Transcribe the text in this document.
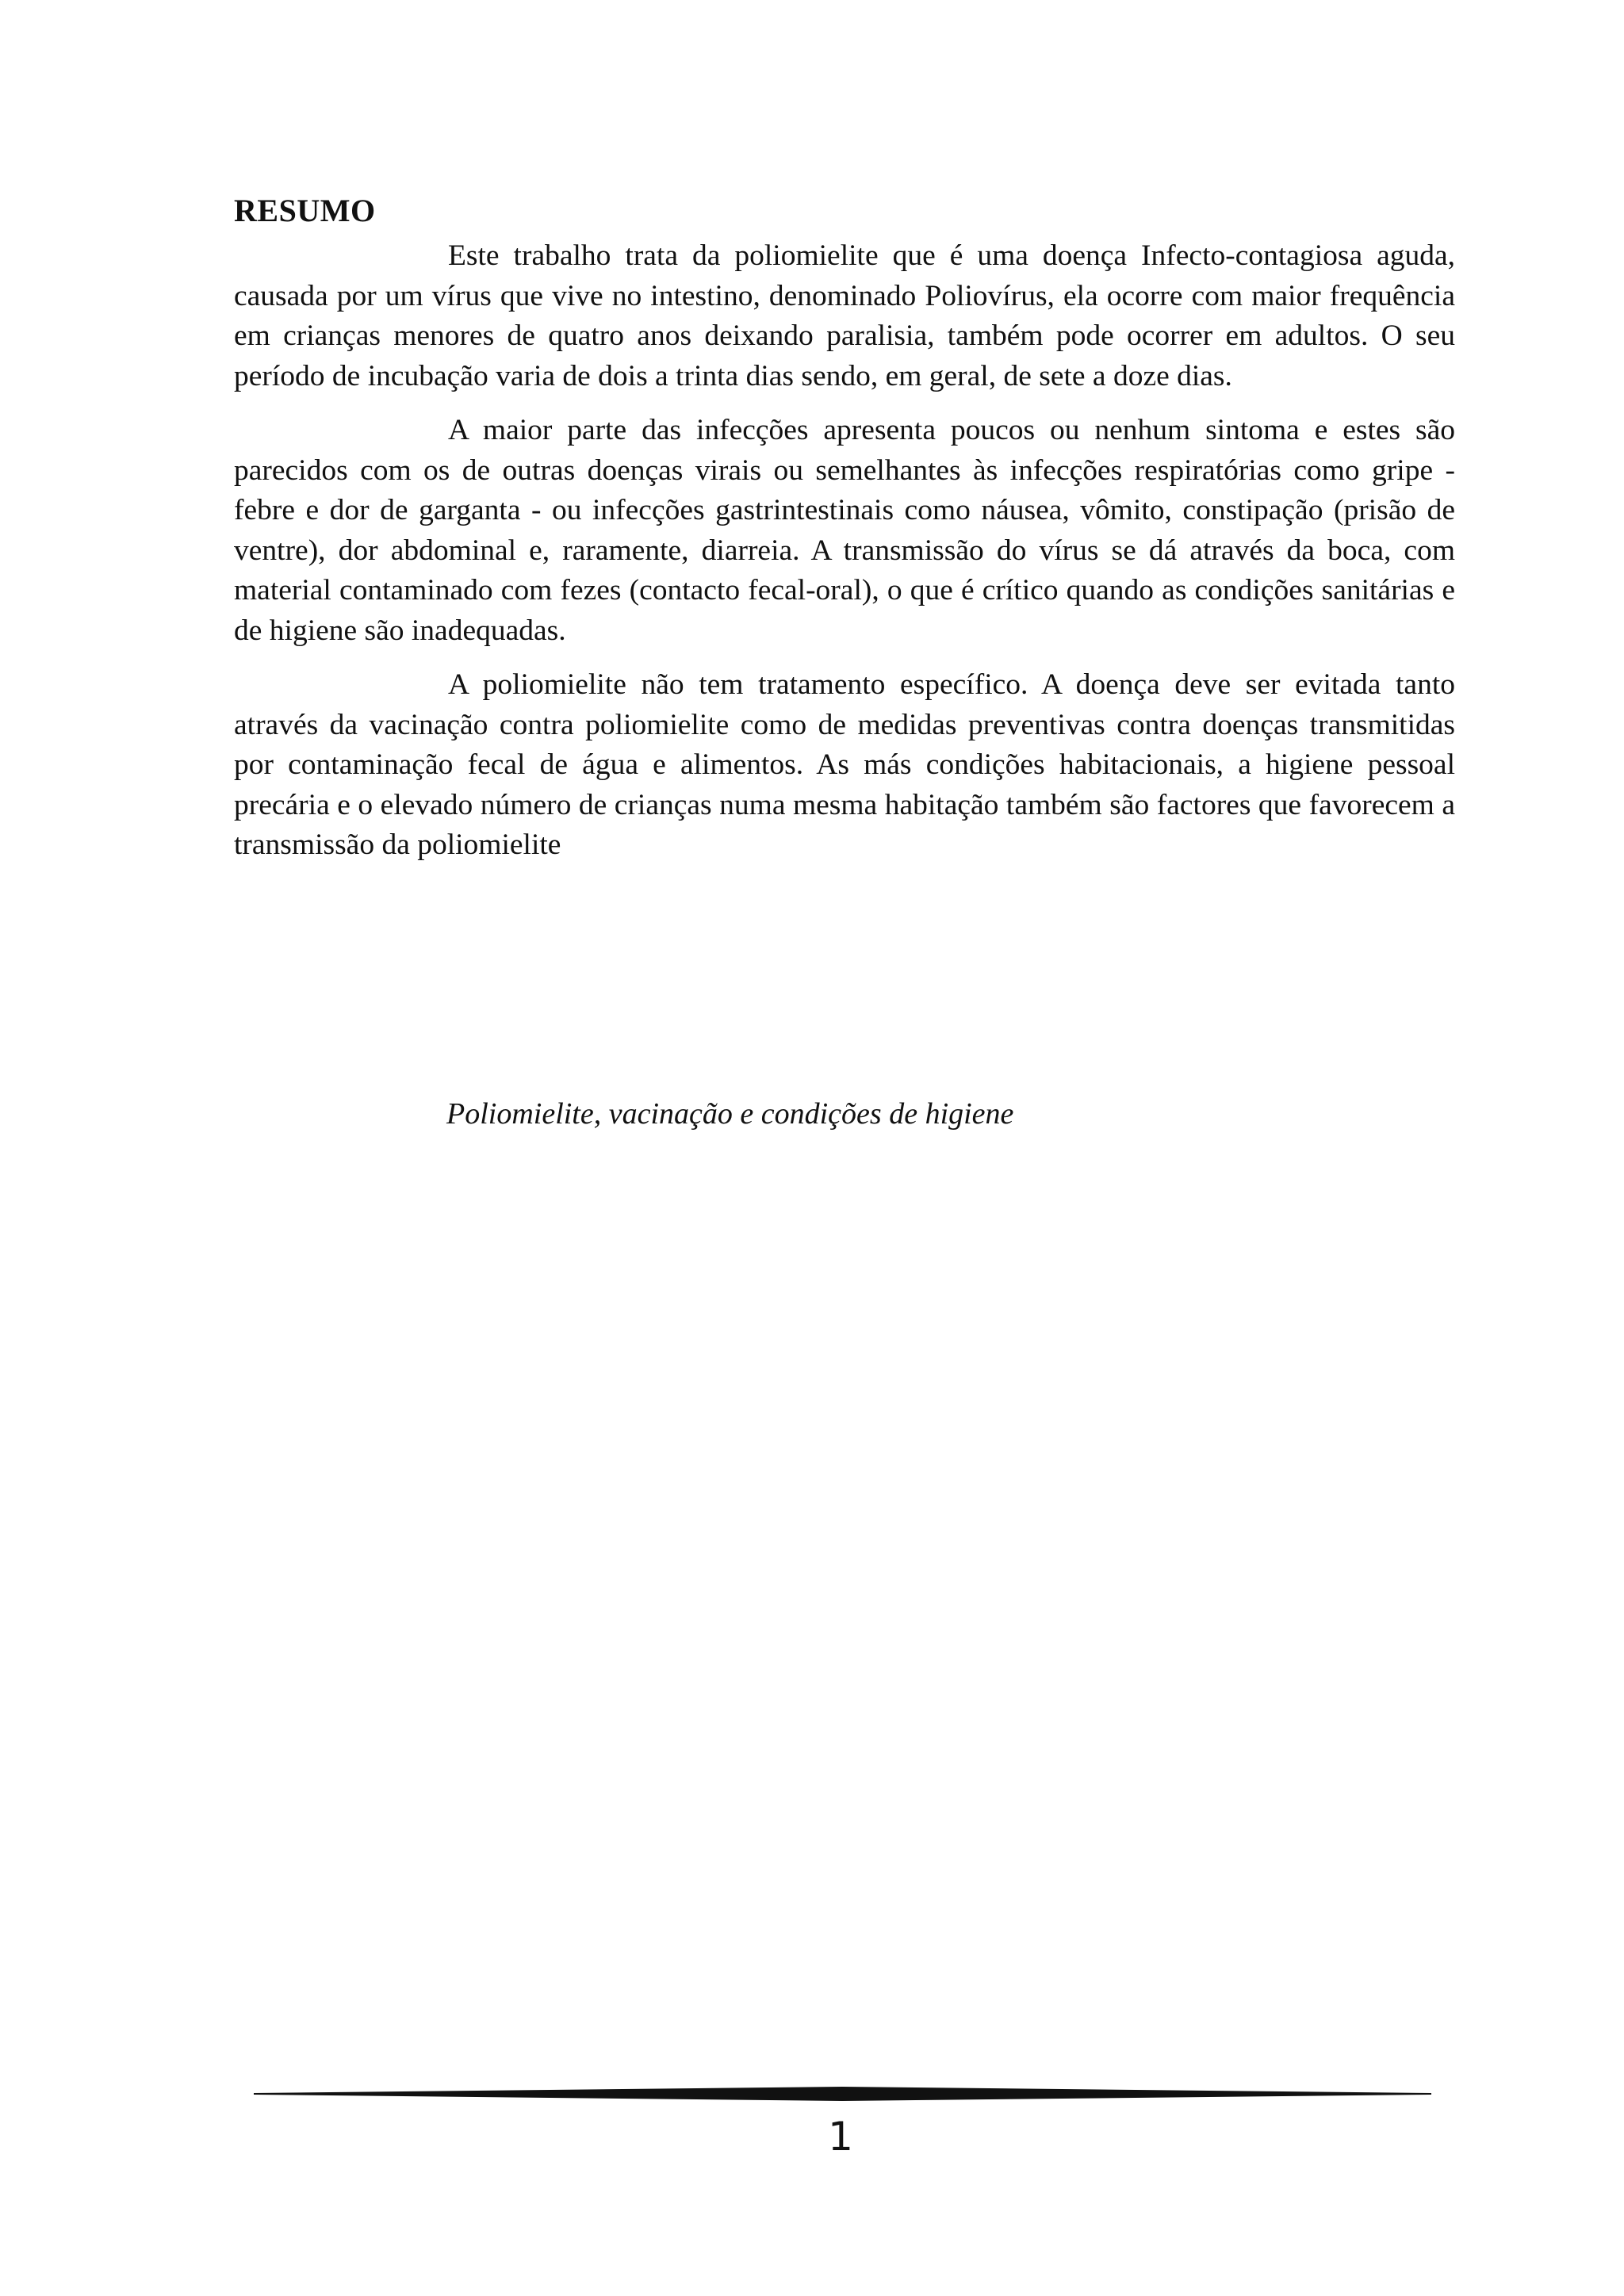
RESUMO

Este trabalho trata da poliomielite que é uma doença Infecto-contagiosa aguda, causada por um vírus que vive no intestino, denominado Poliovírus, ela ocorre com maior frequência em crianças menores de quatro anos deixando paralisia, também pode ocorrer em adultos. O seu período de incubação varia de dois a trinta dias sendo, em geral, de sete a doze dias.

A maior parte das infecções apresenta poucos ou nenhum sintoma e estes são parecidos com os de outras doenças virais ou semelhantes às infecções respiratórias como gripe - febre e dor de garganta - ou infecções gastrintestinais como náusea, vômito, constipação (prisão de ventre), dor abdominal e, raramente, diarreia. A transmissão do vírus se dá através da boca, com material contaminado com fezes (contacto fecal-oral), o que é crítico quando as condições sanitárias e de higiene são inadequadas.

A poliomielite não tem tratamento específico. A doença deve ser evitada tanto através da vacinação contra poliomielite como de medidas preventivas contra doenças transmitidas por contaminação fecal de água e alimentos. As más condições habitacionais, a higiene pessoal precária e o elevado número de crianças numa mesma habitação também são factores que favorecem a transmissão da poliomielite

Poliomielite, vacinação e condições de higiene
1
